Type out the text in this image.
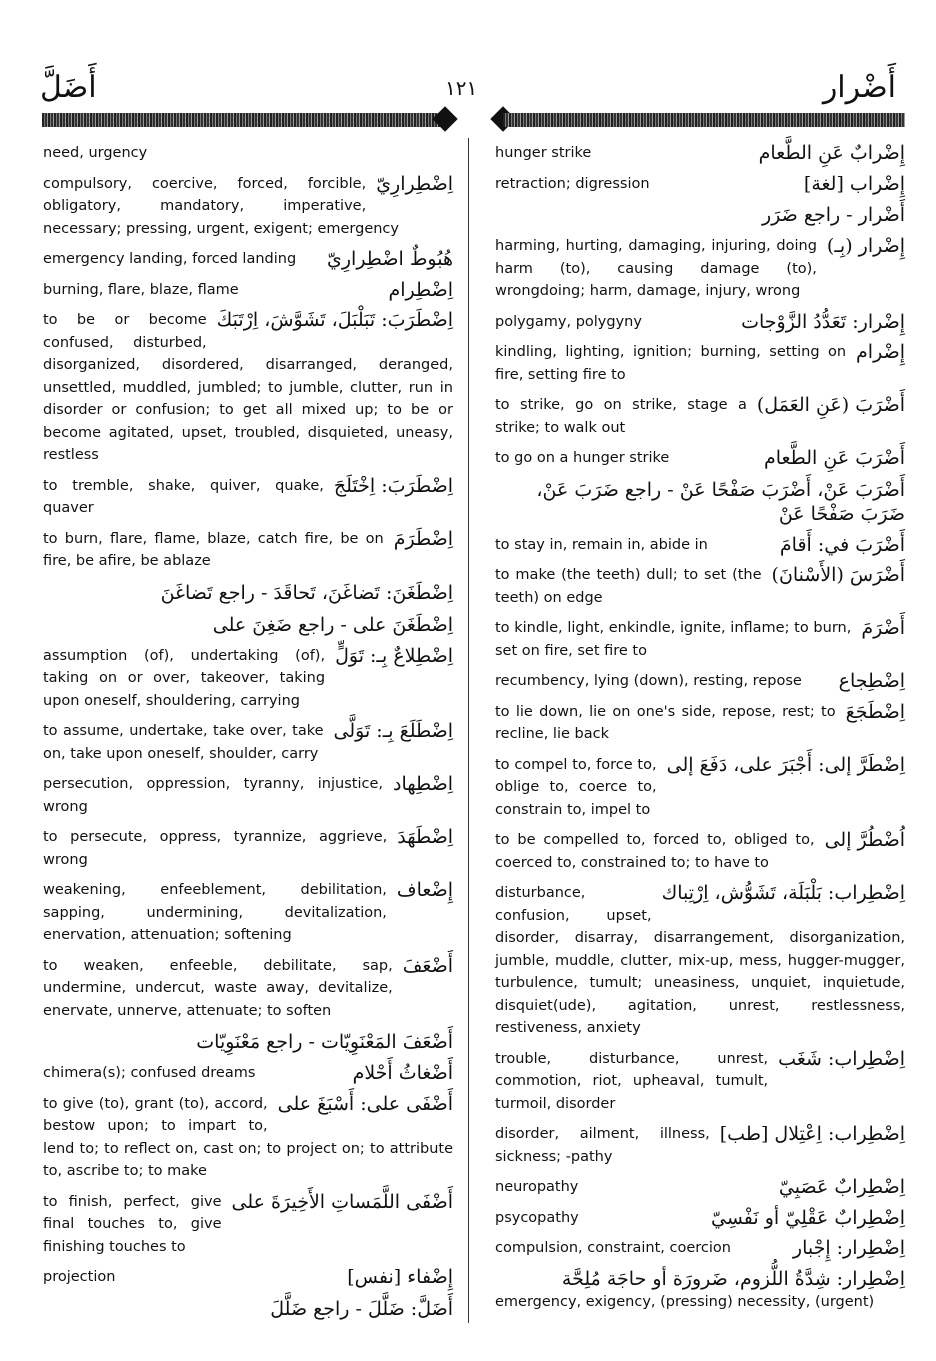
أَضَلَّ	١٢١	أَضْرار
need, urgency
اِضْطِرارِيّ
compulsory, coercive, forced, forcible, obligatory, mandatory, imperative, necessary; pressing, urgent, exigent; emergency
هُبُوطٌ اضْطِرارِيّ
emergency landing, forced landing
اِضْطِرام
burning, flare, blaze, flame
اِضْطَرَبَ: تَبَلْبَلَ، تَشَوَّشَ، اِرْتَبَكَ
to be or become confused, disturbed, disorganized, disordered, disarranged, deranged, unsettled, muddled, jumbled; to jumble, clutter, run in disorder or confusion; to get all mixed up; to be or become agitated, upset, troubled, disquieted, uneasy, restless
اِضْطَرَبَ: اِخْتَلَجَ
to tremble, shake, quiver, quake, quaver
اِضْطَرَمَ
to burn, flare, flame, blaze, catch fire, be on fire, be afire, be ablaze
اِضْطَغَنَ: تَضاغَنَ، تَحاقَدَ - راجع تَضاغَنَ
اِضْطَغَنَ على - راجع ضَغِنَ على
اِضْطِلاعٌ بِـ: تَوَلٍّ
assumption (of), undertaking (of), taking on or over, takeover, taking upon oneself, shouldering, carrying
اِضْطَلَعَ بِـ: تَوَلَّى
to assume, undertake, take over, take on, take upon oneself, shoulder, carry
اِضْطِهاد
persecution, oppression, tyranny, injustice, wrong
اِضْطَهَدَ
to persecute, oppress, tyrannize, aggrieve, wrong
إِضْعاف
weakening, enfeeblement, debilitation, sapping, undermining, devitalization, enervation, attenuation; softening
أَضْعَفَ
to weaken, enfeeble, debilitate, sap, undermine, undercut, waste away, devitalize, enervate, unnerve, attenuate; to soften
أَضْعَفَ المَعْنَوِيّات - راجع مَعْنَوِيّات
أَضْغاثُ أَحْلام
chimera(s); confused dreams
أَضْفَى على: أَسْبَغَ على
to give (to), grant (to), accord, bestow upon; to impart to, lend to; to reflect on, cast on; to project on; to attribute to, ascribe to; to make
أَضْفَى اللَّمَساتِ الأَخِيرَةَ على
to finish, perfect, give final touches to, give finishing touches to
إِضْفاء [نفس]
projection
أَضَلَّ: ضَلَّلَ - راجع ضَلَّلَ
إِضْرابٌ عَنِ الطَّعام
hunger strike
إِضْراب [لغة]
retraction; digression
أَضْرار - راجع ضَرَر
إِضْرار (بِـ)
harming, hurting, damaging, injuring, doing harm (to), causing damage (to), wrongdoing; harm, damage, injury, wrong
إِضْرار: تَعَدُّدُ الزَّوْجات
polygamy, polygyny
إِضْرام
kindling, lighting, ignition; burning, setting on fire, setting fire to
أَضْرَبَ (عَنِ العَمَل)
to strike, go on strike, stage a strike; to walk out
أَضْرَبَ عَنِ الطَّعام
to go on a hunger strike
أَضْرَبَ عَنْ، أَضْرَبَ صَفْحًا عَنْ - راجع ضَرَبَ عَنْ، ضَرَبَ صَفْحًا عَنْ
أَضْرَبَ في: أَقامَ
to stay in, remain in, abide in
أَضْرَسَ (الأَسْنانَ)
to make (the teeth) dull; to set (the teeth) on edge
أَضْرَمَ
to kindle, light, enkindle, ignite, inflame; to burn, set on fire, set fire to
اِضْطِجاع
recumbency, lying (down), resting, repose
اِضْطَجَعَ
to lie down, lie on one's side, repose, rest; to recline, lie back
اِضْطَرَّ إلى: أَجْبَرَ على، دَفَعَ إلى
to compel to, force to, oblige to, coerce to, constrain to, impel to
اُضْطُرَّ إلى
to be compelled to, forced to, obliged to, coerced to, constrained to; to have to
اِضْطِراب: بَلْبَلَة، تَشَوُّش، اِرْتِباك
disturbance, confusion, upset, disorder, disarray, disarrangement, disorganization, jumble, muddle, clutter, mix-up, mess, hugger-mugger, turbulence, tumult; uneasiness, unquiet, inquietude, disquiet(ude), agitation, unrest, restlessness, restiveness, anxiety
اِضْطِراب: شَغَب
trouble, disturbance, unrest, commotion, riot, upheaval, tumult, turmoil, disorder
اِضْطِراب: اِعْتِلال [طب]
disorder, ailment, illness, sickness; -pathy
اِضْطِرابٌ عَصَبِيّ
neuropathy
اِضْطِرابٌ عَقْلِيّ أو نَفْسِيّ
psycopathy
اِضْطِرار: إِجْبار
compulsion, constraint, coercion
اِضْطِرار: شِدَّةُ اللُّزوم، ضَرورَة أو حاجَة مُلِحَّة
emergency, exigency, (pressing) necessity, (urgent)
